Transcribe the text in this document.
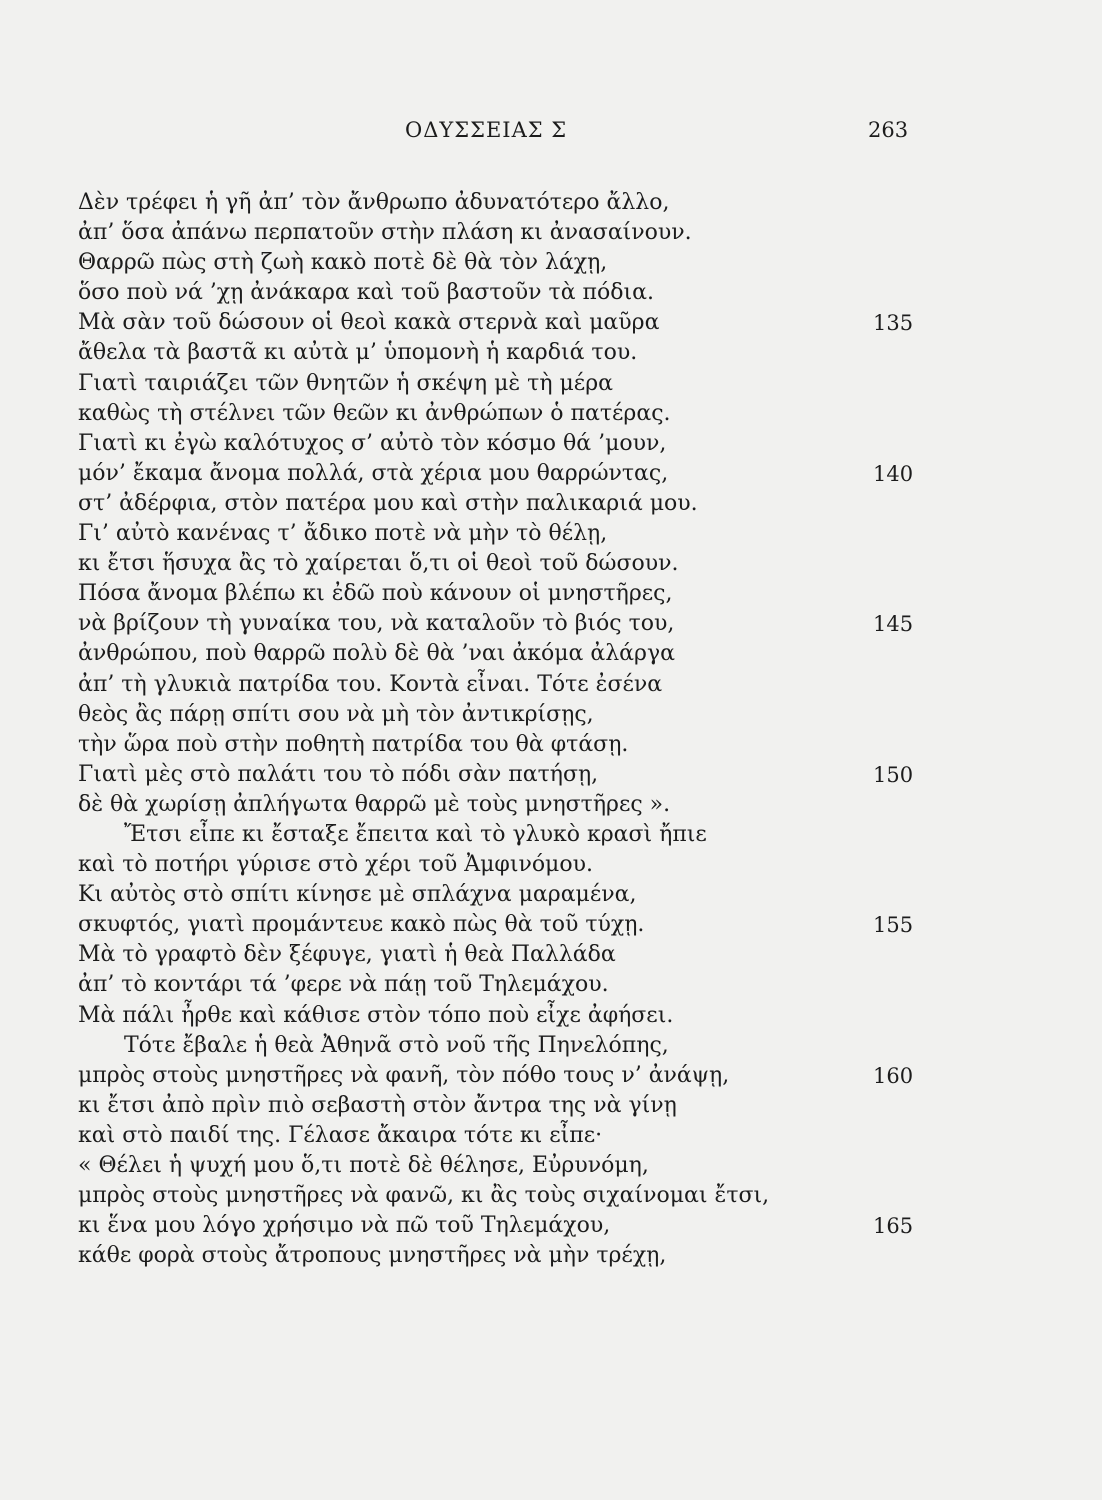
ΟΔΥΣΣΕΙΑΣ Σ	263
Δὲν τρέφει ἡ γῆ ἀπ’ τὸν ἄνθρωπο ἀδυνατότερο ἄλλο,
ἀπ’ ὅσα ἀπάνω περπατοῦν στὴν πλάση κι ἀνασαίνουν.
Θαρρῶ πὼς στὴ ζωὴ κακὸ ποτὲ δὲ θὰ τὸν λάχῃ,
ὅσο ποὺ νά ’χῃ ἀνάκαρα καὶ τοῦ βαστοῦν τὰ πόδια.
Μὰ σὰν τοῦ δώσουν οἱ θεοὶ κακὰ στερνὰ καὶ μαῦρα	135
ἄθελα τὰ βαστᾶ κι αὐτὰ μ’ ὑπομονὴ ἡ καρδιά του.
Γιατὶ ταιριάζει τῶν θνητῶν ἡ σκέψη μὲ τὴ μέρα
καθὼς τὴ στέλνει τῶν θεῶν κι ἀνθρώπων ὁ πατέρας.
Γιατὶ κι ἐγὼ καλότυχος σ’ αὐτὸ τὸν κόσμο θά ’μουν,
μόν’ ἔκαμα ἄνομα πολλά, στὰ χέρια μου θαρρώντας,	140
στ’ ἀδέρφια, στὸν πατέρα μου καὶ στὴν παλικαριά μου.
Γι’ αὐτὸ κανένας τ’ ἄδικο ποτὲ νὰ μὴν τὸ θέλῃ,
κι ἔτσι ἥσυχα ἂς τὸ χαίρεται ὅ,τι οἱ θεοὶ τοῦ δώσουν.
Πόσα ἄνομα βλέπω κι ἐδῶ ποὺ κάνουν οἱ μνηστῆρες,
νὰ βρίζουν τὴ γυναίκα του, νὰ καταλοῦν τὸ βιός του,	145
ἀνθρώπου, ποὺ θαρρῶ πολὺ δὲ θὰ ’ναι ἀκόμα ἀλάργα
ἀπ’ τὴ γλυκιὰ πατρίδα του. Κοντὰ εἶναι. Τότε ἐσένα
θεὸς ἂς πάρῃ σπίτι σου νὰ μὴ τὸν ἀντικρίσῃς,
τὴν ὥρα ποὺ στὴν ποθητὴ πατρίδα του θὰ φτάσῃ.
Γιατὶ μὲς στὸ παλάτι του τὸ πόδι σὰν πατήσῃ,	150
δὲ θὰ χωρίσῃ ἀπλήγωτα θαρρῶ μὲ τοὺς μνηστῆρες ».
Ἔτσι εἶπε κι ἔσταξε ἔπειτα καὶ τὸ γλυκὸ κρασὶ ἤπιε
καὶ τὸ ποτήρι γύρισε στὸ χέρι τοῦ Ἀμφινόμου.
Κι αὐτὸς στὸ σπίτι κίνησε μὲ σπλάχνα μαραμένα,
σκυφτός, γιατὶ προμάντευε κακὸ πὼς θὰ τοῦ τύχῃ.	155
Μὰ τὸ γραφτὸ δὲν ξέφυγε, γιατὶ ἡ θεὰ Παλλάδα
ἀπ’ τὸ κοντάρι τά ’φερε νὰ πάῃ τοῦ Τηλεμάχου.
Μὰ πάλι ἦρθε καὶ κάθισε στὸν τόπο ποὺ εἶχε ἀφήσει.
Τότε ἔβαλε ἡ θεὰ Ἀθηνᾶ στὸ νοῦ τῆς Πηνελόπης,
μπρὸς στοὺς μνηστῆρες νὰ φανῆ, τὸν πόθο τους ν’ ἀνάψῃ,	160
κι ἔτσι ἀπὸ πρὶν πιὸ σεβαστὴ στὸν ἄντρα της νὰ γίνῃ
καὶ στὸ παιδί της. Γέλασε ἄκαιρα τότε κι εἶπε·
« Θέλει ἡ ψυχή μου ὅ,τι ποτὲ δὲ θέλησε, Εὐρυνόμη,
μπρὸς στοὺς μνηστῆρες νὰ φανῶ, κι ἂς τοὺς σιχαίνομαι ἔτσι,
κι ἕνα μου λόγο χρήσιμο νὰ πῶ τοῦ Τηλεμάχου,	165
κάθε φορὰ στοὺς ἄτροπους μνηστῆρες νὰ μὴν τρέχῃ,
